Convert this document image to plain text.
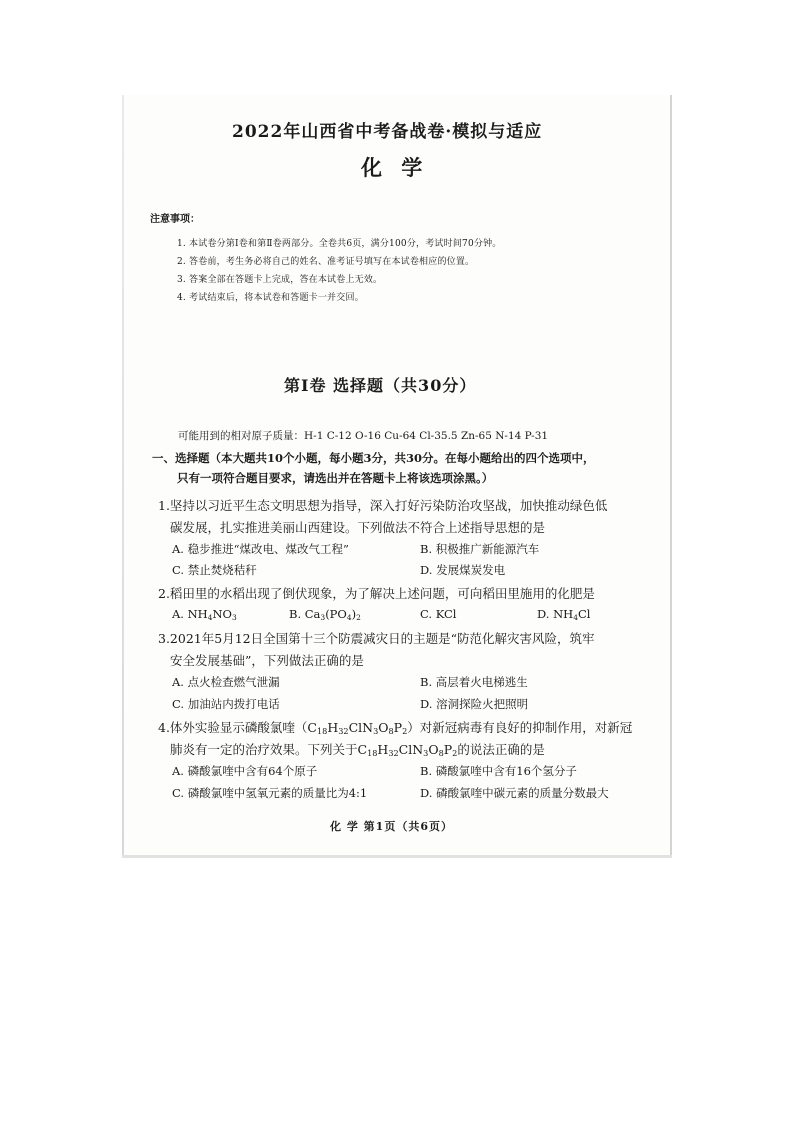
2022年山西省中考备战卷·模拟与适应
化 学
注意事项：
1. 本试卷分第Ⅰ卷和第Ⅱ卷两部分。全卷共6页，满分100分，考试时间70分钟。
2. 答卷前，考生务必将自己的姓名、准考证号填写在本试卷相应的位置。
3. 答案全部在答题卡上完成，答在本试卷上无效。
4. 考试结束后，将本试卷和答题卡一并交回。
第Ⅰ卷 选择题（共30分）
可能用到的相对原子质量：H-1 C-12 O-16 Cu-64 Cl-35.5 Zn-65 N-14 P-31
一、选择题（本大题共10个小题，每小题3分，共30分。在每小题给出的四个选项中，
只有一项符合题目要求，请选出并在答题卡上将该选项涂黑。）
1.坚持以习近平生态文明思想为指导，深入打好污染防治攻坚战，加快推动绿色低
碳发展，扎实推进美丽山西建设。下列做法不符合上述指导思想的是
A. 稳步推进“煤改电、煤改气工程”	B. 积极推广新能源汽车
C. 禁止焚烧秸秆	D. 发展煤炭发电
2.稻田里的水稻出现了倒伏现象，为了解决上述问题，可向稻田里施用的化肥是
A. $NH_4NO_3$	B. $Ca_3(PO_4)_2$	C. KCl	D. $NH_4Cl$
3.2021年5月12日全国第十三个防震减灾日的主题是“防范化解灾害风险，筑牢
安全发展基础”，下列做法正确的是
A. 点火检查燃气泄漏	B. 高层着火电梯逃生
C. 加油站内拨打电话	D. 溶洞探险火把照明
4.体外实验显示磷酸氯喹$(C_{18}H_{32}ClN_3O_8P_2)$对新冠病毒有良好的抑制作用，对新冠
肺炎有一定的治疗效果。下列关于$C_{18}H_{32}ClN_3O_8P_2$的说法正确的是
A. 磷酸氯喹中含有64个原子	B. 磷酸氯喹中含有16个氢分子
C. 磷酸氯喹中氢氧元素的质量比为4:1	D. 磷酸氯喹中碳元素的质量分数最大
化 学 第1页（共6页）
